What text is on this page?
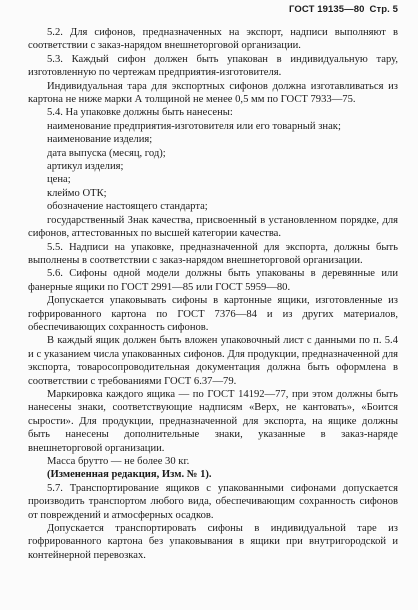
ГОСТ 19135—80 Стр. 5

5.2. Для сифонов, предназначенных на экспорт, надписи выполняют в соответствии с заказ-нарядом внешнеторговой организации.

5.3. Каждый сифон должен быть упакован в индивидуальную тару, изготовленную по чертежам предприятия-изготовителя.

Индивидуальная тара для экспортных сифонов должна изготавливаться из картона не ниже марки А толщиной не менее 0,5 мм по ГОСТ 7933—75.

5.4. На упаковке должны быть нанесены:

наименование предприятия-изготовителя или его товарный знак;

наименование изделия;

дата выпуска (месяц, год);

артикул изделия;

цена;

клеймо ОТК;

обозначение настоящего стандарта;

государственный Знак качества, присвоенный в установленном порядке, для сифонов, аттестованных по высшей категории качества.

5.5. Надписи на упаковке, предназначенной для экспорта, должны быть выполнены в соответствии с заказ-нарядом внешнеторговой организации.

5.6. Сифоны одной модели должны быть упакованы в деревянные или фанерные ящики по ГОСТ 2991—85 или ГОСТ 5959—80.

Допускается упаковывать сифоны в картонные ящики, изготовленные из гофрированного картона по ГОСТ 7376—84 и из других материалов, обеспечивающих сохранность сифонов.

В каждый ящик должен быть вложен упаковочный лист с данными по п. 5.4 и с указанием числа упакованных сифонов. Для продукции, предназначенной для экспорта, товаросопроводительная документация должна быть оформлена в соответствии с требованиями ГОСТ 6.37—79.

Маркировка каждого ящика — по ГОСТ 14192—77, при этом должны быть нанесены знаки, соответствующие надписям «Верх, не кантовать», «Боится сырости». Для продукции, предназначенной для экспорта, на ящике должны быть нанесены дополнительные знаки, указанные в заказ-наряде внешнеторговой организации.

Масса брутто — не более 30 кг.

(Измененная редакция, Изм. № 1).

5.7. Транспортирование ящиков с упакованными сифонами допускается производить транспортом любого вида, обеспечивающим сохранность сифонов от повреждений и атмосферных осадков.

Допускается транспортировать сифоны в индивидуальной таре из гофрированного картона без упаковывания в ящики при внутригородской и контейнерной перевозках.
